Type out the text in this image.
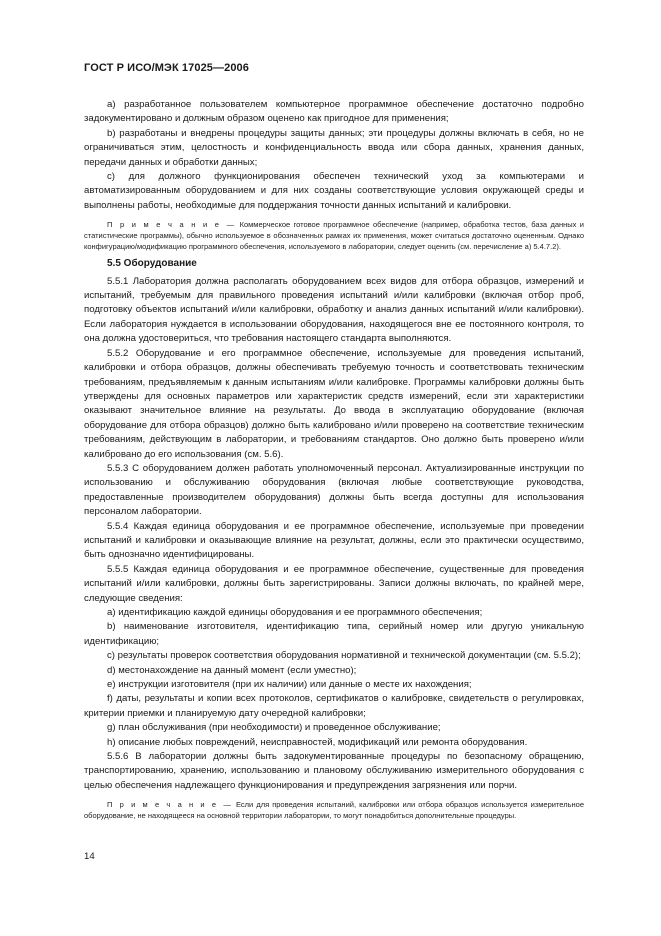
ГОСТ Р ИСО/МЭК 17025—2006

a) разработанное пользователем компьютерное программное обеспечение достаточно подробно задокументировано и должным образом оценено как пригодное для применения;

b) разработаны и внедрены процедуры защиты данных; эти процедуры должны включать в себя, но не ограничиваться этим, целостность и конфиденциальность ввода или сбора данных, хранения данных, передачи данных и обработки данных;

c) для должного функционирования обеспечен технический уход за компьютерами и автоматизированным оборудованием и для них созданы соответствующие условия окружающей среды и выполнены работы, необходимые для поддержания точности данных испытаний и калибровки.

П р и м е ч а н и е — Коммерческое готовое программное обеспечение (например, обработка тестов, база данных и статистические программы), обычно используемое в обозначенных рамках их применения, может считаться достаточно оцененным. Однако конфигурацию/модификацию программного обеспечения, используемого в лаборатории, следует оценить (см. перечисление a) 5.4.7.2).
5.5 Оборудование

5.5.1 Лаборатория должна располагать оборудованием всех видов для отбора образцов, измерений и испытаний, требуемым для правильного проведения испытаний и/или калибровки (включая отбор проб, подготовку объектов испытаний и/или калибровки, обработку и анализ данных испытаний и/или калибровки). Если лаборатория нуждается в использовании оборудования, находящегося вне ее постоянного контроля, то она должна удостовериться, что требования настоящего стандарта выполняются.

5.5.2 Оборудование и его программное обеспечение, используемые для проведения испытаний, калибровки и отбора образцов, должны обеспечивать требуемую точность и соответствовать техническим требованиям, предъявляемым к данным испытаниям и/или калибровке. Программы калибровки должны быть утверждены для основных параметров или характеристик средств измерений, если эти характеристики оказывают значительное влияние на результаты. До ввода в эксплуатацию оборудование (включая оборудование для отбора образцов) должно быть калибровано и/или проверено на соответствие техническим требованиям, действующим в лаборатории, и требованиям стандартов. Оно должно быть проверено и/или калибровано до его использования (см. 5.6).

5.5.3 С оборудованием должен работать уполномоченный персонал. Актуализированные инструкции по использованию и обслуживанию оборудования (включая любые соответствующие руководства, предоставленные производителем оборудования) должны быть всегда доступны для использования персоналом лаборатории.

5.5.4 Каждая единица оборудования и ее программное обеспечение, используемые при проведении испытаний и калибровки и оказывающие влияние на результат, должны, если это практически осуществимо, быть однозначно идентифицированы.

5.5.5 Каждая единица оборудования и ее программное обеспечение, существенные для проведения испытаний и/или калибровки, должны быть зарегистрированы. Записи должны включать, по крайней мере, следующие сведения:

a) идентификацию каждой единицы оборудования и ее программного обеспечения;

b) наименование изготовителя, идентификацию типа, серийный номер или другую уникальную идентификацию;

c) результаты проверок соответствия оборудования нормативной и технической документации (см. 5.5.2);

d) местонахождение на данный момент (если уместно);

e) инструкции изготовителя (при их наличии) или данные о месте их нахождения;

f) даты, результаты и копии всех протоколов, сертификатов о калибровке, свидетельств о регулировках, критерии приемки и планируемую дату очередной калибровки;

g) план обслуживания (при необходимости) и проведенное обслуживание;

h) описание любых повреждений, неисправностей, модификаций или ремонта оборудования.

5.5.6 В лаборатории должны быть задокументированные процедуры по безопасному обращению, транспортированию, хранению, использованию и плановому обслуживанию измерительного оборудования с целью обеспечения надлежащего функционирования и предупреждения загрязнения или порчи.

П р и м е ч а н и е — Если для проведения испытаний, калибровки или отбора образцов используется измерительное оборудование, не находящееся на основной территории лаборатории, то могут понадобиться дополнительные процедуры.
14
